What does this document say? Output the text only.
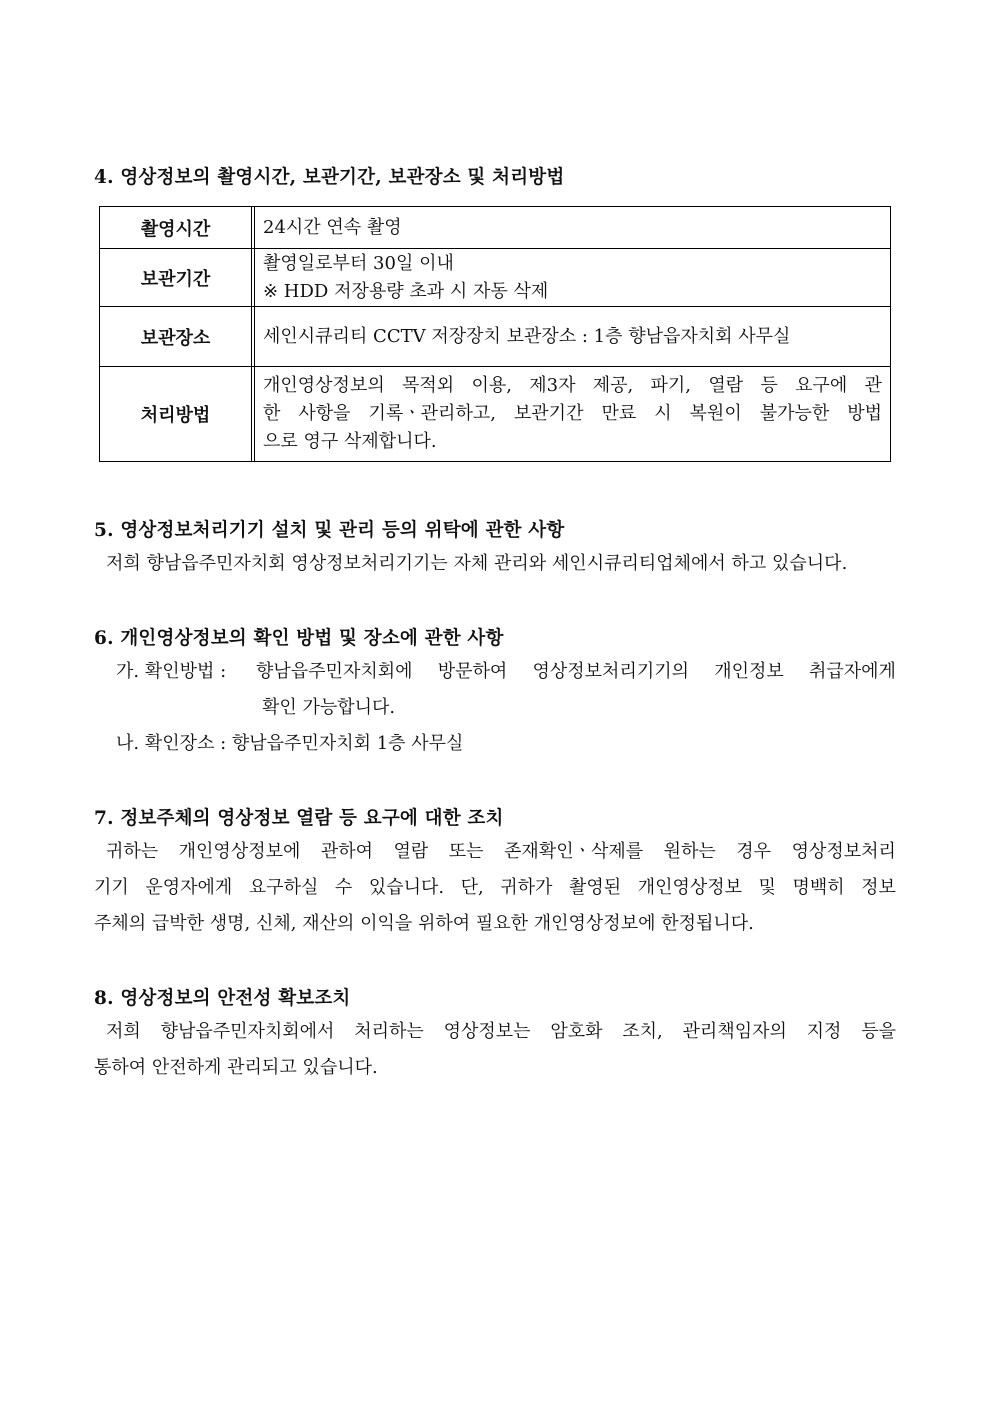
4. 영상정보의 촬영시간, 보관기간, 보관장소 및 처리방법
촬영시간	24시간 연속 촬영
보관기간
촬영일로부터 30일 이내
※ HDD 저장용량 초과 시 자동 삭제
보관장소	세인시큐리티 CCTV 저장장치 보관장소 : 1층 향남읍자치회 사무실
처리방법
개인영상정보의 목적외 이용, 제3자 제공, 파기, 열람 등 요구에 관
한 사항을 기록ㆍ관리하고, 보관기간 만료 시 복원이 불가능한 방법
으로 영구 삭제합니다.
5. 영상정보처리기기 설치 및 관리 등의 위탁에 관한 사항
저희 향남읍주민자치회 영상정보처리기기는 자체 관리와 세인시큐리티업체에서 하고 있습니다.
6. 개인영상정보의 확인 방법 및 장소에 관한 사항
가. 확인방법 : 향남읍주민자치회에 방문하여 영상정보처리기기의 개인정보 취급자에게
확인 가능합니다.
나. 확인장소 : 향남읍주민자치회 1층 사무실
7. 정보주체의 영상정보 열람 등 요구에 대한 조치
귀하는 개인영상정보에 관하여 열람 또는 존재확인ㆍ삭제를 원하는 경우 영상정보처리
기기 운영자에게 요구하실 수 있습니다. 단, 귀하가 촬영된 개인영상정보 및 명백히 정보
주체의 급박한 생명, 신체, 재산의 이익을 위하여 필요한 개인영상정보에 한정됩니다.
8. 영상정보의 안전성 확보조치
저희 향남읍주민자치회에서 처리하는 영상정보는 암호화 조치, 관리책임자의 지정 등을
통하여 안전하게 관리되고 있습니다.
